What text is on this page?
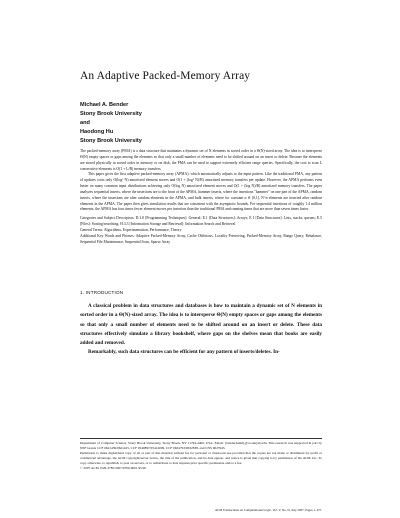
An Adaptive Packed-Memory Array
Michael A. Bender
Stony Brook University
and
Haodong Hu
Stony Brook University

The packed-memory array (PMA) is a data structure that maintains a dynamic set of N elements in sorted order in a Θ(N)-sized array. The idea is to intersperse Θ(N) empty spaces or gaps among the elements so that only a small number of elements need to be shifted around on an insert or delete. Because the elements are stored physically in sorted order in memory or on disk, the PMA can be used to support extremely efficient range queries. Specifically, the cost to scan L consecutive elements is O(1 + L/B) memory transfers.

This paper gives the first adaptive packed-memory array (APMA), which automatically adjusts to the input pattern. Like the traditional PMA, any pattern of updates costs only O(log² N) amortized element moves and O(1 + (log² N)/B) amortized memory transfers per update. However, the APMA performs even better on many common input distributions achieving only O(log N) amortized element moves and O(1 + (log N)/B) amortized memory transfers. The paper analyzes sequential inserts, where the insertions are to the front of the APMA, hammer inserts, where the insertions "hammer" on one part of the APMA, random inserts, where the insertions are after random elements in the APMA, and bulk inserts, where for constant α ∈ [0,1], N^α elements are inserted after random elements in the APMA. The paper then gives simulation results that are consistent with the asymptotic bounds. For sequential insertions of roughly 1.4 million elements, the APMA has four times fewer element moves per insertion than the traditional PMA and running times that are more than seven times faster.

Categories and Subject Descriptors: D.1.0 [Programming Techniques]: General; E.1 [Data Structures]: Arrays; E.1 [Data Structures]: Lists, stacks, queues; E.5 [Files]: Sorting/searching; H.3.3 [Information Storage and Retrieval]: Information Search and Retrieval

General Terms: Algorithms, Experimentation, Performance, Theory

Additional Key Words and Phrases: Adaptive Packed-Memory Array, Cache Oblivious, Locality Preserving, Packed-Memory Array, Range Query, Rebalance, Sequential File Maintenance, Sequential Scan, Sparse Array

1. INTRODUCTION

A classical problem in data structures and databases is how to maintain a dynamic set of N elements in sorted order in a Θ(N)-sized array. The idea is to intersperse Θ(N) empty spaces or gaps among the elements so that only a small number of elements need to be shifted around on an insert or delete. These data structures effectively simulate a library bookshelf, where gaps on the shelves mean that books are easily added and removed.

Remarkably, such data structures can be efficient for any pattern of inserts/deletes. In-

Department of Computer Science, Stony Brook University, Stony Brook, NY 11794-4400, USA. Email: {bender,huhd}@cs.sunysb.edu. This research was supported in part by NSF Grants CCF 0621439/0621425, CCF 0540897/05414009, CCF 0634793/0632838, and CNS 0627645.

Permission to make digital/hard copy of all or part of this material without fee for personal or classroom use provided that the copies are not made or distributed for profit or commercial advantage, the ACM copyright/server notice, the title of the publication, and its date appear, and notice is given that copying is by permission of the ACM, Inc. To copy otherwise, to republish, to post on servers, or to redistribute to lists requires prior specific permission and/or a fee.

© 2007 ACM 1529-3785/2007/0700-0001 $5.00

ACM Transactions on Computational Logic, Vol. V, No. N, July 2007, Pages 1–0??.
